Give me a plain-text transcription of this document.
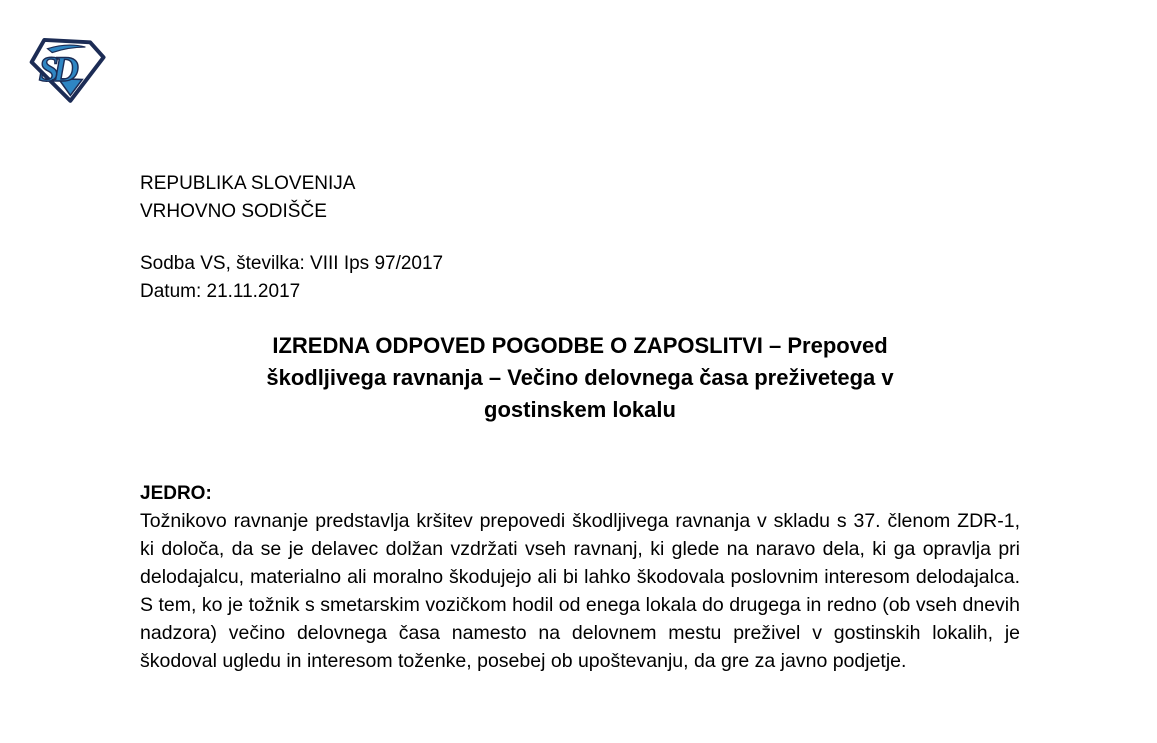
SD
REPUBLIKA SLOVENIJA
VRHOVNO SODIŠČE
Sodba VS, številka: VIII Ips 97/2017
Datum: 21.11.2017
IZREDNA ODPOVED POGODBE O ZAPOSLITVI – Prepoved
škodljivega ravnanja – Večino delovnega časa preživetega v
gostinskem lokalu
JEDRO:
Tožnikovo ravnanje predstavlja kršitev prepovedi škodljivega ravnanja v skladu s 37. členom ZDR-1, ki določa, da se je delavec dolžan vzdržati vseh ravnanj, ki glede na naravo dela, ki ga opravlja pri delodajalcu, materialno ali moralno škodujejo ali bi lahko škodovala poslovnim interesom delodajalca. S tem, ko je tožnik s smetarskim vozičkom hodil od enega lokala do drugega in redno (ob vseh dnevih nadzora) večino delovnega časa namesto na delovnem mestu preživel v gostinskih lokalih, je škodoval ugledu in interesom toženke, posebej ob upoštevanju, da gre za javno podjetje.
